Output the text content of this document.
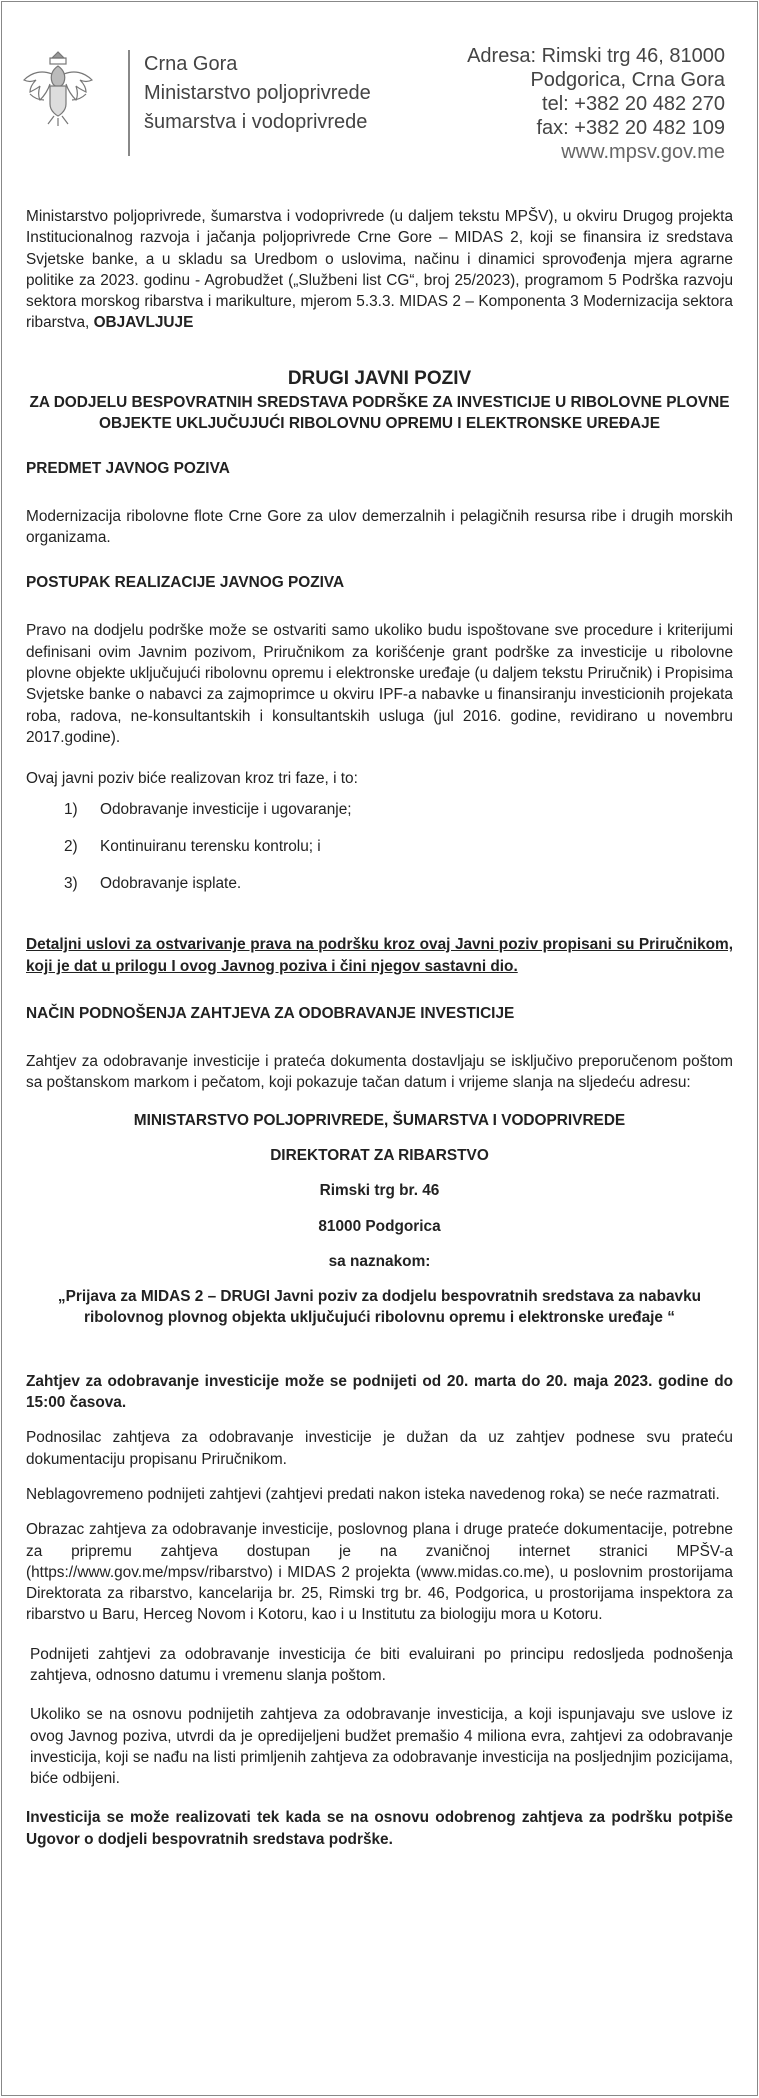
Crna Gora
Ministarstvo poljoprivrede
šumarstva i vodoprivrede
Adresa: Rimski trg 46, 81000
Podgorica, Crna Gora
tel: +382 20 482 270
fax: +382 20 482 109
www.mpsv.gov.me

Ministarstvo poljoprivrede, šumarstva i vodoprivrede (u daljem tekstu MPŠV), u okviru Drugog projekta Institucionalnog razvoja i jačanja poljoprivrede Crne Gore – MIDAS 2, koji se finansira iz sredstava Svjetske banke, a u skladu sa Uredbom o uslovima, načinu i dinamici sprovođenja mjera agrarne politike za 2023. godinu - Agrobudžet („Službeni list CG“, broj 25/2023), programom 5 Podrška razvoju sektora morskog ribarstva i marikulture, mjerom 5.3.3. MIDAS 2 – Komponenta 3 Modernizacija sektora ribarstva, OBJAVLJUJE

DRUGI JAVNI POZIV
ZA DODJELU BESPOVRATNIH SREDSTAVA PODRŠKE ZA INVESTICIJE U RIBOLOVNE PLOVNE OBJEKTE UKLJUČUJUĆI RIBOLOVNU OPREMU I ELEKTRONSKE UREĐAJE
PREDMET JAVNOG POZIVA

Modernizacija ribolovne flote Crne Gore za ulov demerzalnih i pelagičnih resursa ribe i drugih morskih organizama.

POSTUPAK REALIZACIJE JAVNOG POZIVA

Pravo na dodjelu podrške može se ostvariti samo ukoliko budu ispoštovane sve procedure i kriterijumi definisani ovim Javnim pozivom, Priručnikom za korišćenje grant podrške za investicije u ribolovne plovne objekte uključujući ribolovnu opremu i elektronske uređaje (u daljem tekstu Priručnik) i Propisima Svjetske banke o nabavci za zajmoprimce u okviru IPF-a nabavke u finansiranju investicionih projekata roba, radova, ne-konsultantskih i konsultantskih usluga (jul 2016. godine, revidirano u novembru 2017.godine).

Ovaj javni poziv biće realizovan kroz tri faze, i to:

1) Odobravanje investicije i ugovaranje;
2) Kontinuiranu terensku kontrolu; i
3) Odobravanje isplate.

Detaljni uslovi za ostvarivanje prava na podršku kroz ovaj Javni poziv propisani su Priručnikom, koji je dat u prilogu I ovog Javnog poziva i čini njegov sastavni dio.

NAČIN PODNOŠENJA ZAHTJEVA ZA ODOBRAVANJE INVESTICIJE

Zahtjev za odobravanje investicije i prateća dokumenta dostavljaju se isključivo preporučenom poštom sa poštanskom markom i pečatom, koji pokazuje tačan datum i vrijeme slanja na sljedeću adresu:

MINISTARSTVO POLJOPRIVREDE, ŠUMARSTVA I VODOPRIVREDE

DIREKTORAT ZA RIBARSTVO

Rimski trg br. 46

81000 Podgorica

sa naznakom:

„Prijava za MIDAS 2 – DRUGI Javni poziv za dodjelu bespovratnih sredstava za nabavku ribolovnog plovnog objekta uključujući ribolovnu opremu i elektronske uređaje “

Zahtjev za odobravanje investicije može se podnijeti od 20. marta do 20. maja 2023. godine do 15:00 časova.

Podnosilac zahtjeva za odobravanje investicije je dužan da uz zahtjev podnese svu prateću dokumentaciju propisanu Priručnikom.

Neblagovremeno podnijeti zahtjevi (zahtjevi predati nakon isteka navedenog roka) se neće razmatrati.

Obrazac zahtjeva za odobravanje investicije, poslovnog plana i druge prateće dokumentacije, potrebne za pripremu zahtjeva dostupan je na zvaničnoj internet stranici MPŠV-a (https://www.gov.me/mpsv/ribarstvo) i MIDAS 2 projekta (www.midas.co.me), u poslovnim prostorijama Direktorata za ribarstvo, kancelarija br. 25, Rimski trg br. 46, Podgorica, u prostorijama inspektora za ribarstvo u Baru, Herceg Novom i Kotoru, kao i u Institutu za biologiju mora u Kotoru.

Podnijeti zahtjevi za odobravanje investicija će biti evaluirani po principu redosljeda podnošenja zahtjeva, odnosno datumu i vremenu slanja poštom.

Ukoliko se na osnovu podnijetih zahtjeva za odobravanje investicija, a koji ispunjavaju sve uslove iz ovog Javnog poziva, utvrdi da je opredijeljeni budžet premašio 4 miliona evra, zahtjevi za odobravanje investicija, koji se nađu na listi primljenih zahtjeva za odobravanje investicija na posljednjim pozicijama, biće odbijeni.

Investicija se može realizovati tek kada se na osnovu odobrenog zahtjeva za podršku potpiše Ugovor o dodjeli bespovratnih sredstava podrške.
